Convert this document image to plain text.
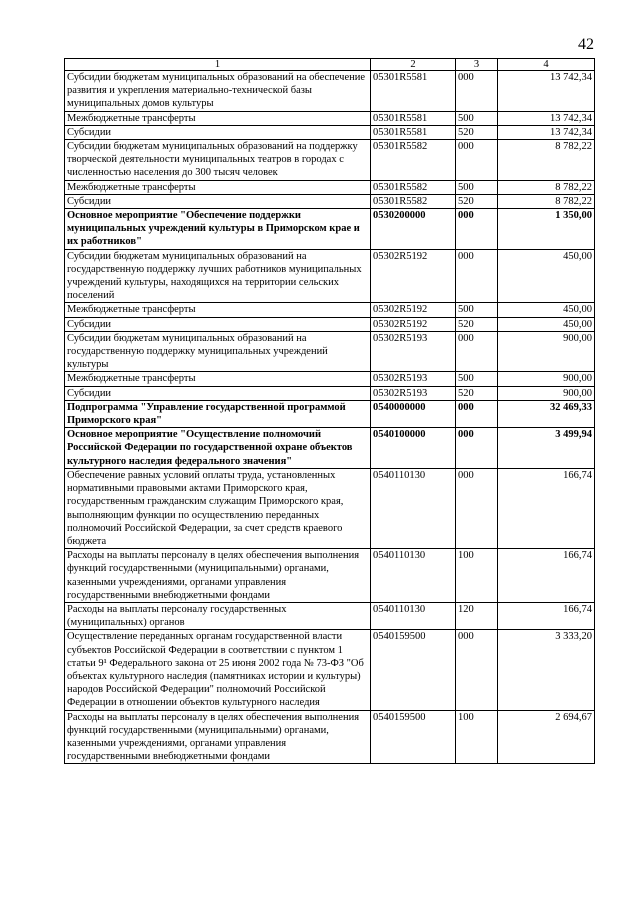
42
1	2	3	4
Субсидии бюджетам муниципальных образований на обеспечение развития и укрепления материально-технической базы муниципальных домов культуры	05301R5581	000	13 742,34
Межбюджетные трансферты	05301R5581	500	13 742,34
Субсидии	05301R5581	520	13 742,34
Субсидии бюджетам муниципальных образований на поддержку творческой деятельности муниципальных театров в городах с численностью населения до 300 тысяч человек	05301R5582	000	8 782,22
Межбюджетные трансферты	05301R5582	500	8 782,22
Субсидии	05301R5582	520	8 782,22
Основное мероприятие "Обеспечение поддержки муниципальных учреждений культуры в Приморском крае и их работников"	0530200000	000	1 350,00
Субсидии бюджетам муниципальных образований на государственную поддержку лучших работников муниципальных учреждений культуры, находящихся на территории сельских поселений	05302R5192	000	450,00
Межбюджетные трансферты	05302R5192	500	450,00
Субсидии	05302R5192	520	450,00
Субсидии бюджетам муниципальных образований на государственную поддержку муниципальных учреждений культуры	05302R5193	000	900,00
Межбюджетные трансферты	05302R5193	500	900,00
Субсидии	05302R5193	520	900,00
Подпрограмма "Управление государственной программой Приморского края"	0540000000	000	32 469,33
Основное мероприятие "Осуществление полномочий Российской Федерации по государственной охране объектов культурного наследия федерального значения"	0540100000	000	3 499,94
Обеспечение равных условий оплаты труда, установленных нормативными правовыми актами Приморского края, государственным гражданским служащим Приморского края, выполняющим функции по осуществлению переданных полномочий Российской Федерации, за счет средств краевого бюджета	0540110130	000	166,74
Расходы на выплаты персоналу в целях обеспечения выполнения функций государственными (муниципальными) органами, казенными учреждениями, органами управления государственными внебюджетными фондами	0540110130	100	166,74
Расходы на выплаты персоналу государственных (муниципальных) органов	0540110130	120	166,74
Осуществление переданных органам государственной власти субъектов Российской Федерации в соответствии с пунктом 1 статьи 9¹ Федерального закона от 25 июня 2002 года № 73-ФЗ "Об объектах культурного наследия (памятниках истории и культуры) народов Российской Федерации" полномочий Российской Федерации в отношении объектов культурного наследия	0540159500	000	3 333,20
Расходы на выплаты персоналу в целях обеспечения выполнения функций государственными (муниципальными) органами, казенными учреждениями, органами управления государственными внебюджетными фондами	0540159500	100	2 694,67
